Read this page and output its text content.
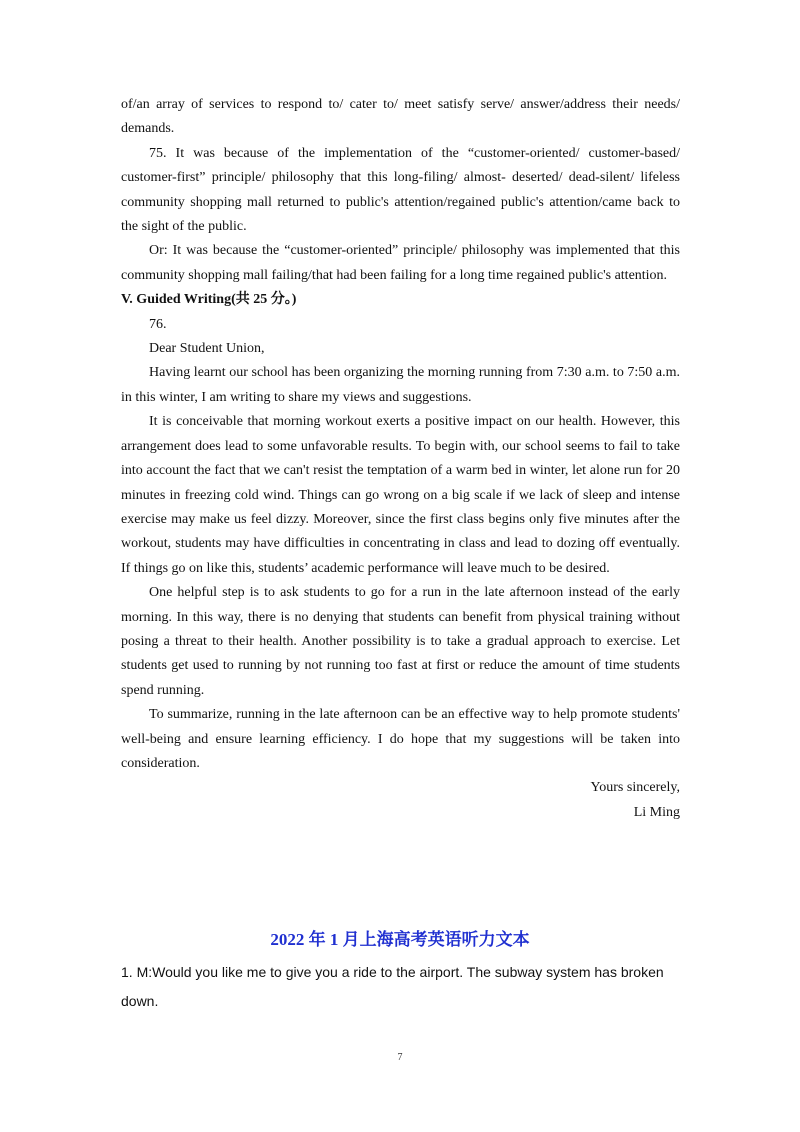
of/an array of services to respond to/ cater to/ meet satisfy serve/ answer/address their needs/ demands.

75. It was because of the implementation of the “customer-oriented/ customer-based/ customer-first” principle/ philosophy that this long-filing/ almost- deserted/ dead-silent/ lifeless community shopping mall returned to public's attention/regained public's attention/came back to the sight of the public.

Or: It was because the “customer-oriented” principle/ philosophy was implemented that this community shopping mall failing/that had been failing for a long time regained public's attention.

V. Guided Writing(共 25 分。)

76.

Dear Student Union,

Having learnt our school has been organizing the morning running from 7:30 a.m. to 7:50 a.m. in this winter, I am writing to share my views and suggestions.

It is conceivable that morning workout exerts a positive impact on our health. However, this arrangement does lead to some unfavorable results. To begin with, our school seems to fail to take into account the fact that we can't resist the temptation of a warm bed in winter, let alone run for 20 minutes in freezing cold wind. Things can go wrong on a big scale if we lack of sleep and intense exercise may make us feel dizzy. Moreover, since the first class begins only five minutes after the workout, students may have difficulties in concentrating in class and lead to dozing off eventually. If things go on like this, students’ academic performance will leave much to be desired.

One helpful step is to ask students to go for a run in the late afternoon instead of the early morning. In this way, there is no denying that students can benefit from physical training without posing a threat to their health. Another possibility is to take a gradual approach to exercise. Let students get used to running by not running too fast at first or reduce the amount of time students spend running.

To summarize, running in the late afternoon can be an effective way to help promote students' well-being and ensure learning efficiency. I do hope that my suggestions will be taken into consideration.

Yours sincerely,

Li Ming

2022 年 1 月上海高考英语听力文本

1. M:Would you like me to give you a ride to the airport. The subway system has broken down.

7
